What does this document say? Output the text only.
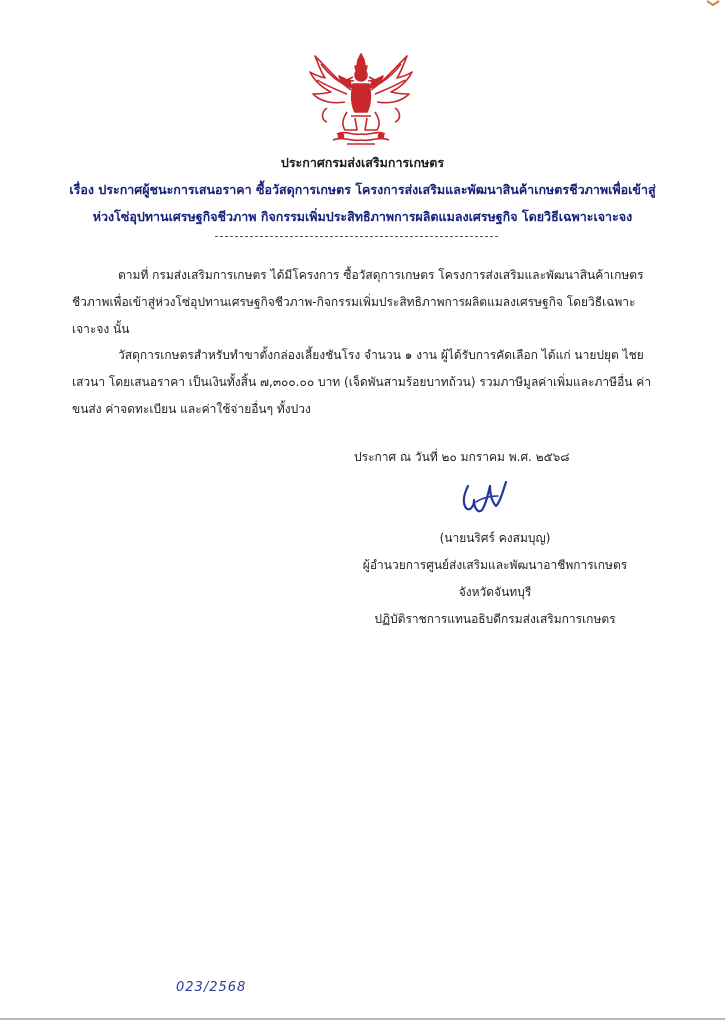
ประกาศกรมส่งเสริมการเกษตร
เรื่อง ประกาศผู้ชนะการเสนอราคา ซื้อวัสดุการเกษตร โครงการส่งเสริมและพัฒนาสินค้าเกษตรชีวภาพเพื่อเข้าสู่
ห่วงโซ่อุปทานเศรษฐกิจชีวภาพ กิจกรรมเพิ่มประสิทธิภาพการผลิตแมลงเศรษฐกิจ โดยวิธีเฉพาะเจาะจง
ตามที่ กรมส่งเสริมการเกษตร ได้มีโครงการ ซื้อวัสดุการเกษตร โครงการส่งเสริมและพัฒนาสินค้าเกษตร
ชีวภาพเพื่อเข้าสู่ห่วงโซ่อุปทานเศรษฐกิจชีวภาพ-กิจกรรมเพิ่มประสิทธิภาพการผลิตแมลงเศรษฐกิจ โดยวิธีเฉพาะ
เจาะจง นั้น
วัสดุการเกษตรสำหรับทำขาตั้งกล่องเลี้ยงชันโรง จำนวน ๑ งาน ผู้ได้รับการคัดเลือก ได้แก่ นายปยุต ไชย
เสวนา โดยเสนอราคา เป็นเงินทั้งสิ้น ๗,๓๐๐.๐๐ บาท (เจ็ดพันสามร้อยบาทถ้วน) รวมภาษีมูลค่าเพิ่มและภาษีอื่น ค่า
ขนส่ง ค่าจดทะเบียน และค่าใช้จ่ายอื่นๆ ทั้งปวง
ประกาศ ณ วันที่ ๒๐ มกราคม พ.ศ. ๒๕๖๘
(นายนริศร์ คงสมบุญ)
ผู้อำนวยการศูนย์ส่งเสริมและพัฒนาอาชีพการเกษตร
จังหวัดจันทบุรี
ปฏิบัติราชการแทนอธิบดีกรมส่งเสริมการเกษตร
023/2568
